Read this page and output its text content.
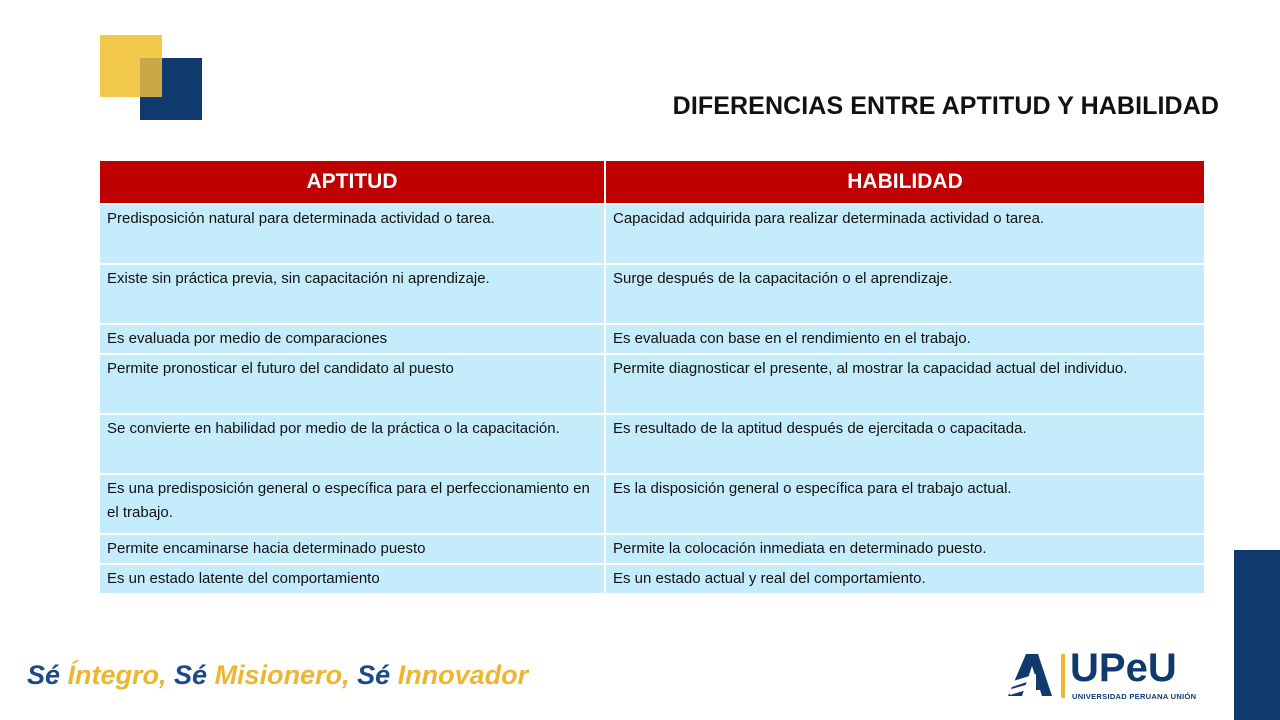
DIFERENCIAS ENTRE APTITUD Y HABILIDAD
APTITUD	HABILIDAD
Predisposición natural para determinada actividad o tarea.	Capacidad adquirida para realizar determinada actividad o tarea.
Existe sin práctica previa, sin capacitación ni aprendizaje.	Surge después de la capacitación o el aprendizaje.
Es evaluada por medio de comparaciones	Es evaluada con base en el rendimiento en el trabajo.
Permite pronosticar el futuro del candidato al puesto	Permite diagnosticar el presente, al mostrar la capacidad actual del individuo.
Se convierte en habilidad por medio de la práctica o la capacitación.	Es resultado de la aptitud después de ejercitada o capacitada.
Es una predisposición general o específica para el perfeccionamiento en el trabajo.	Es la disposición general o específica para el trabajo actual.
Permite encaminarse hacia determinado puesto	Permite la colocación inmediata en determinado puesto.
Es un estado latente del comportamiento	Es un estado actual y real del comportamiento.
Sé Íntegro, Sé Misionero, Sé Innovador	UPeU
UNIVERSIDAD PERUANA UNIÓN
